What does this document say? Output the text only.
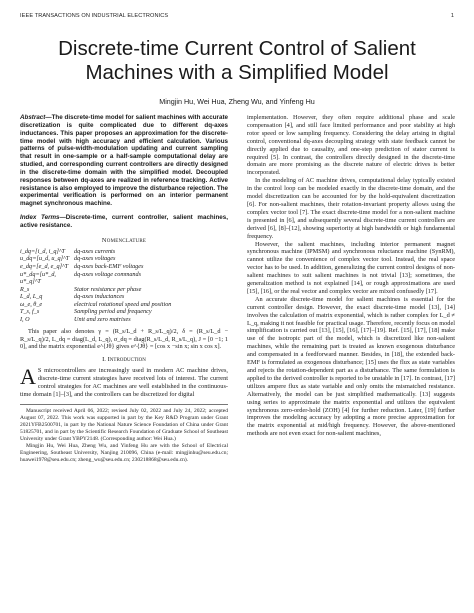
IEEE TRANSACTIONS ON INDUSTRIAL ELECTRONICS	1
Discrete-time Current Control of Salient
Machines with a Simplified Model
Mingjin Hu, Wei Hua, Zheng Wu, and Yinfeng Hu

Abstract—The discrete-time model for salient machines with accurate discretization is quite complicated due to different dq-axes inductances. This paper proposes an approximation for the discrete-time model with high accuracy and efficient calculation. Various patterns of pulse-width-modulation updating and current sampling that result in one-sample or a half-sample computational delay are studied, and corresponding current controllers are directly designed in the discrete-time domain with the simplified model. Decoupled responses between dq-axes are realized in reference tracking. Active resistance is also employed to improve the disturbance rejection. The experimental verification is performed on an interior permanent magnet synchronous machine.

Index Terms—Discrete-time, current controller, salient machines, active resistance.

Nomenclature
i_dq=[i_d, i_q]^T	dq-axes currents
u_dq=[u_d, u_q]^T	dq-axes voltages
e_dq=[e_d, e_q]^T	dq-axes back-EMF voltages
u*_dq=[u*_d, u*_q]^T	dq-axes voltage commands
R_s	Stator resistance per phase
L_d, L_q	dq-axes inductances
ω_e, θ_e	electrical rotational speed and position
T_s, f_s	Sampling period and frequency
I, O	Unit and zero matrixes

This paper also denotes γ = (R_s/L_d + R_s/L_q)/2, δ = (R_s/L_d − R_s/L_q)/2, L_dq = diag(L_d, L_q), σ_dq = diag(R_s/L_d, R_s/L_q), J = [0 −1; 1 0], and the matrix exponential e^{Jθ} gives e^{Jθ} = [cos x −sin x; sin x cos x].

I. Introduction

A S microcontrollers are increasingly used in modern AC machine drives, discrete-time current strategies have received lots of interest. The current control strategies for AC machines are well established in the continuous-time domain [1]–[3], and the controllers can be discretized for digital

Manuscript received April 06, 2022; revised July 02, 2022 and July 24, 2022; accepted August 07, 2022. This work was supported in part by the Key R&D Program under Grant 2021YFB2500701, in part by the National Nature Science Foundation of China under Grant 51825701, and in part by the Scientific Research Foundation of Graduate School of Southeast University under Grant YBPY2148. (Corresponding author: Wei Hua.)

Mingjin Hu, Wei Hua, Zheng Wu, and Yinfeng Hu are with the School of Electrical Engineering, Southeast University, Nanjing 210096, China (e-mail: mingjinhu@seu.edu.cn; huawei1978@seu.edu.cn; zheng_wu@seu.edu.cn; 230218868@seu.edu.cn).

implementation. However, they often require additional phase and scale compensation [4], and still face limited performance and poor stability at high rotor speed or low sampling frequency. Considering the delay arising in digital control, conventional dq-axes decoupling strategy with state feedback cannot be directly applied due to causality, and one-step prediction of stator current is required [5]. In contrast, the controllers directly designed in the discrete-time domain are more promising as the discrete nature of electric drives is better incorporated.

In the modeling of AC machine drives, computational delay typically existed in the control loop can be modeled exactly in the discrete-time domain, and the model discretization can be accounted for by the hold-equivalent discretization [6]. For non-salient machines, their rotation-invariant property allows using the complex vector tool [7]. The exact discrete-time model for a non-salient machine is presented in [6], and subsequently several discrete-time current controllers are derived [6], [8]–[12], showing superiority at high bandwidth or high fundamental frequency.

However, the salient machines, including interior permanent magnet synchronous machine (IPMSM) and synchronous reluctance machine (SynRM), cannot utilize the convenience of complex vector tool. Instead, the real space vector has to be used. In addition, generalizing the current control designs of non-salient machines to suit salient machines is not trivial [13]; sometimes, the generalization method is not explained [14], or rough approximations are used [15], [16], or the real vector and complex vector are mixed confusedly [17].

An accurate discrete-time model for salient machines is essential for the current controller design. However, the exact discrete-time model [13], [14] involves the calculation of matrix exponential, which is rather complex for L_d ≠ L_q, making it not feasible for practical usage. Therefore, recently focus on model simplification is carried out [13], [15], [16], [17]–[19]. Ref. [15], [17], [18] make use of the isotropic part of the model, which is discretized like non-salient machines, while the remaining part is treated as known exogenous disturbance and compensated in a feedforward manner. Besides, in [18], the extended back-EMF is formulated as exogenous disturbance; [15] uses the flux as state variables and rejects the rotation-dependent part as a disturbance. The same formulation is applied to the derived controller is reported to be unstable in [17]. In contrast, [17] utilizes ampere flux as state variable and only omits the mismatched resistance. Alternatively, the model can be just simplified mathematically. [13] suggests using series to approximate the matrix exponential and utilizes the equivalent synchronous zero-order-hold (ZOH) [4] for further reduction. Later, [19] further improves the modeling accuracy by adopting a more precise approximation for the matrix exponential at mid/high frequency. However, the above-mentioned methods are not even exact for non-salient machines,
